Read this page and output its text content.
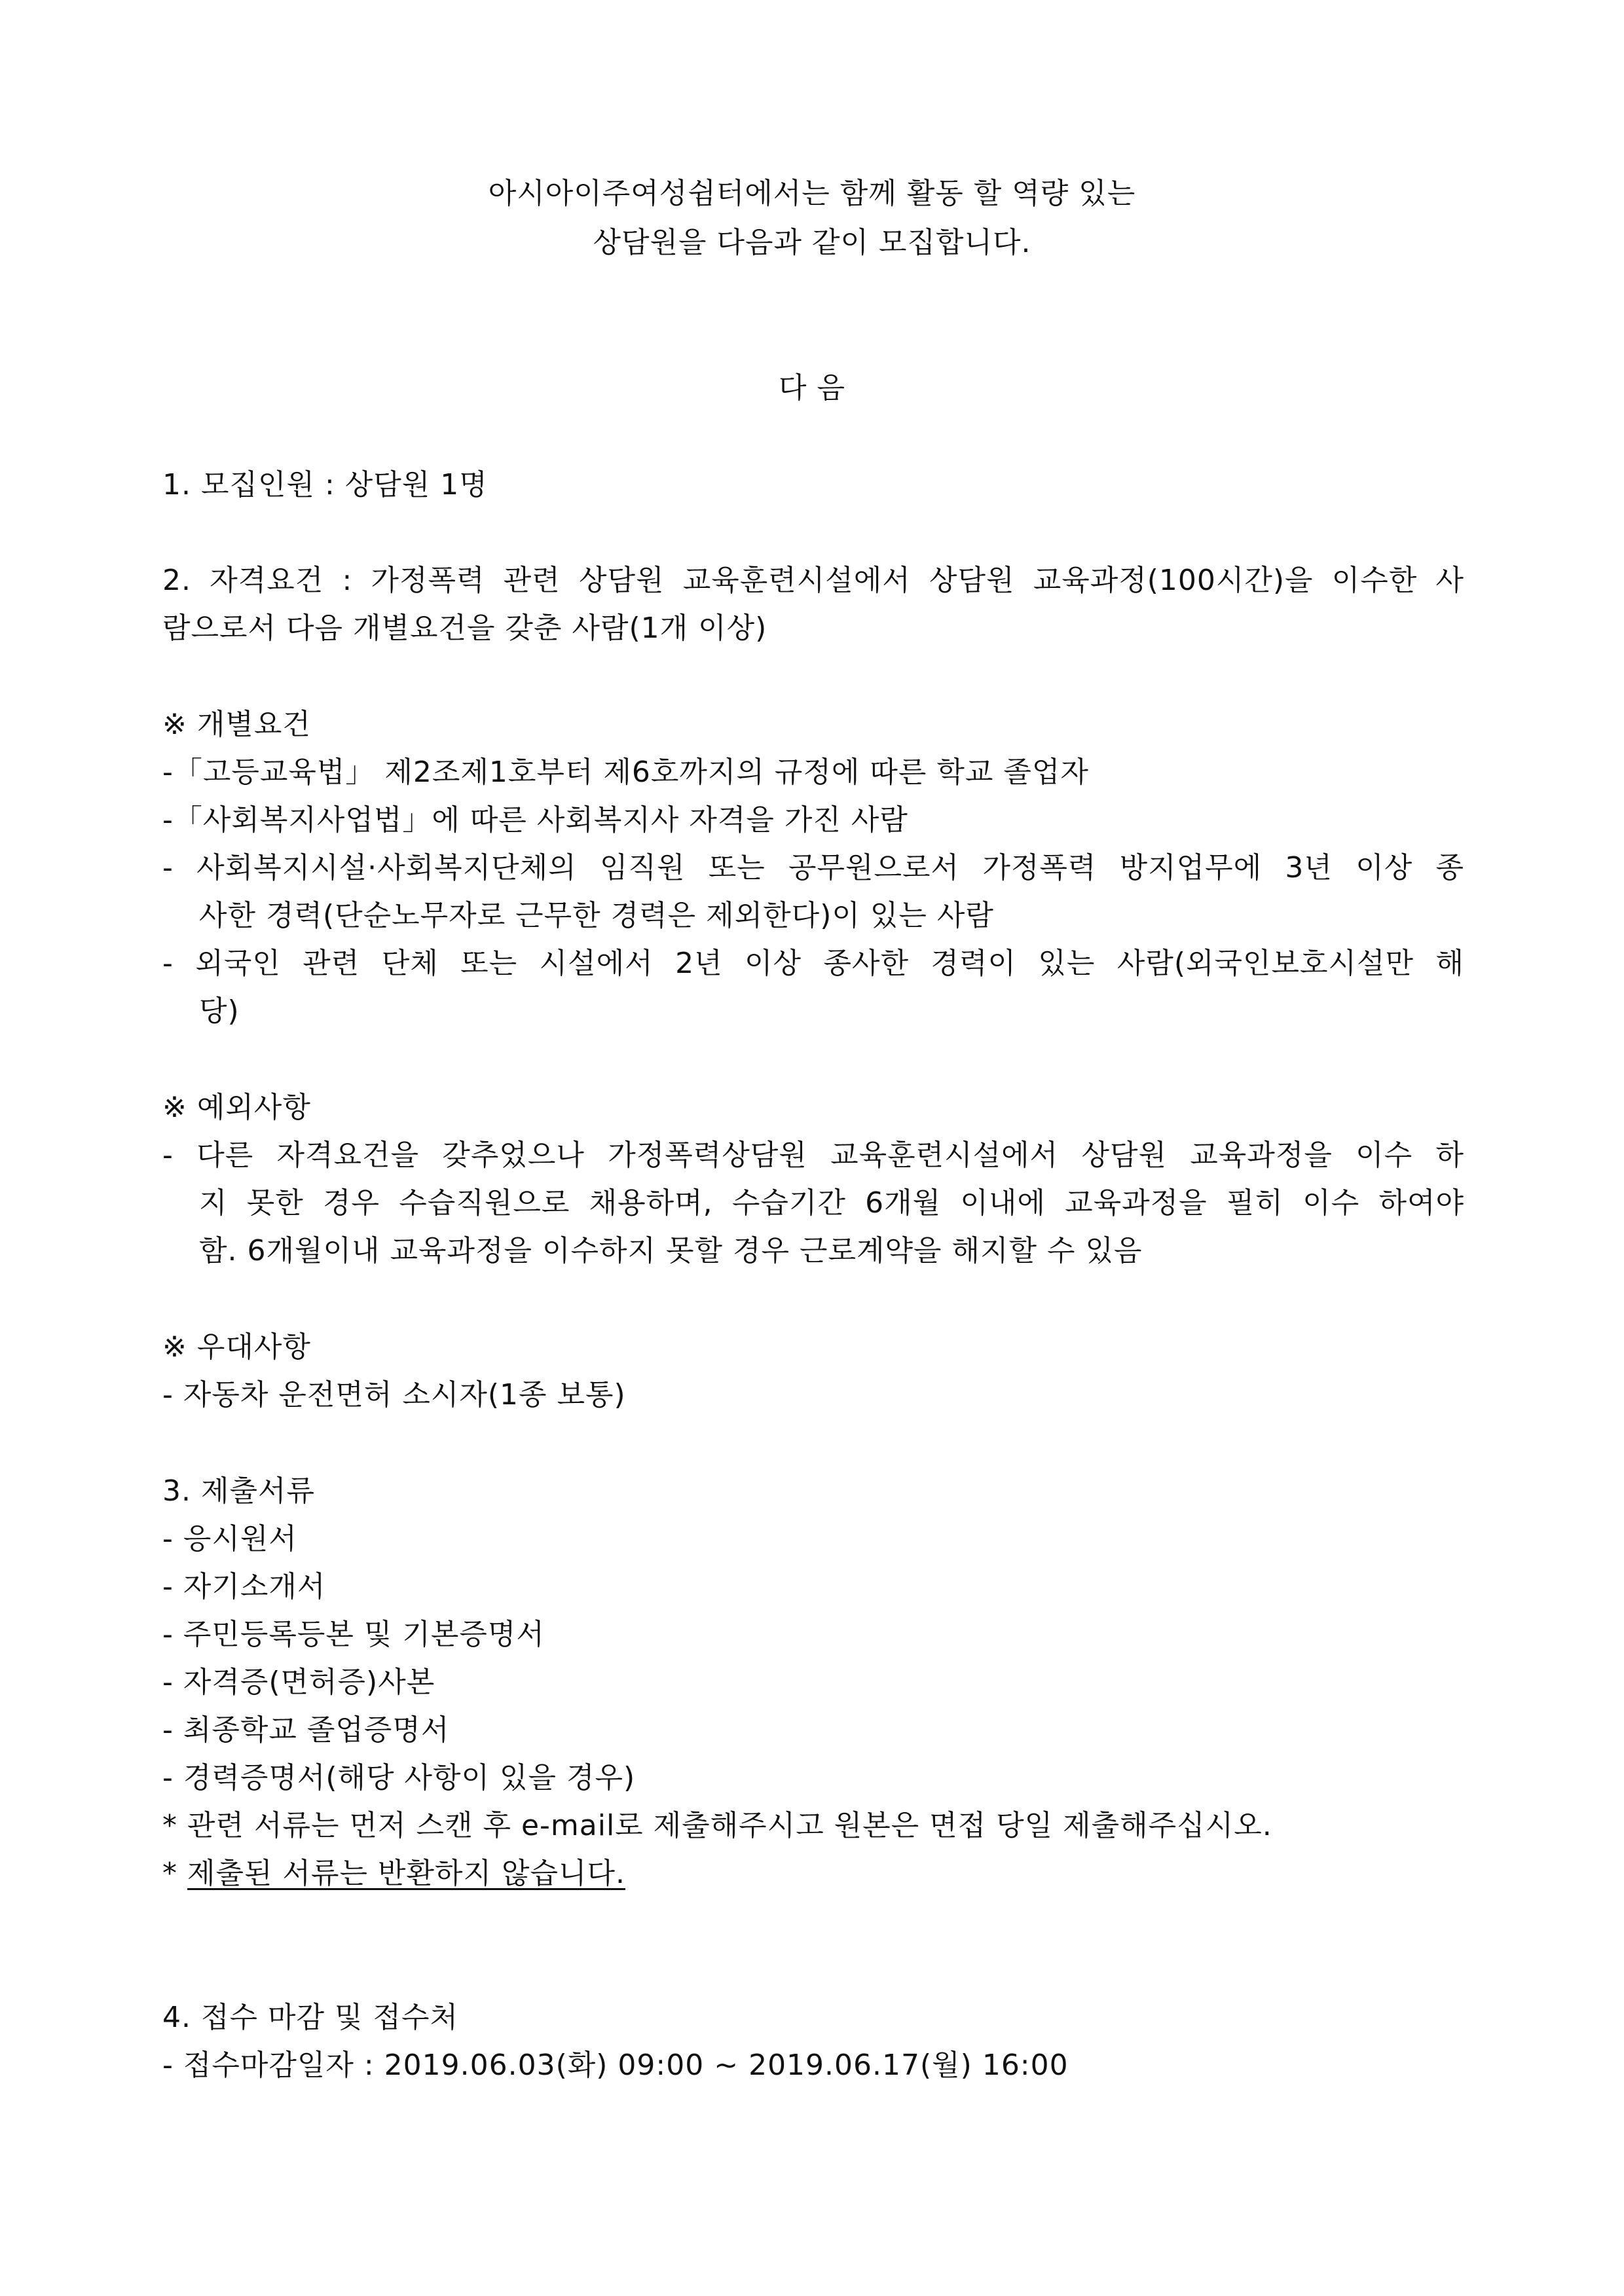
아시아이주여성쉼터에서는 함께 활동 할 역량 있는
상담원을 다음과 같이 모집합니다.
다 음
1. 모집인원 : 상담원 1명
2. 자격요건 : 가정폭력 관련 상담원 교육훈련시설에서 상담원 교육과정(100시간)을 이수한 사
람으로서 다음 개별요건을 갖춘 사람(1개 이상)
※ 개별요건
-「고등교육법」 제2조제1호부터 제6호까지의 규정에 따른 학교 졸업자
-「사회복지사업법」에 따른 사회복지사 자격을 가진 사람
- 사회복지시설·사회복지단체의 임직원 또는 공무원으로서 가정폭력 방지업무에 3년 이상 종
사한 경력(단순노무자로 근무한 경력은 제외한다)이 있는 사람
- 외국인 관련 단체 또는 시설에서 2년 이상 종사한 경력이 있는 사람(외국인보호시설만 해
당)
※ 예외사항
- 다른 자격요건을 갖추었으나 가정폭력상담원 교육훈련시설에서 상담원 교육과정을 이수 하
지 못한 경우 수습직원으로 채용하며, 수습기간 6개월 이내에 교육과정을 필히 이수 하여야
함. 6개월이내 교육과정을 이수하지 못할 경우 근로계약을 해지할 수 있음
※ 우대사항
- 자동차 운전면허 소시자(1종 보통)
3. 제출서류
- 응시원서
- 자기소개서
- 주민등록등본 및 기본증명서
- 자격증(면허증)사본
- 최종학교 졸업증명서
- 경력증명서(해당 사항이 있을 경우)
* 관련 서류는 먼저 스캔 후 e-mail로 제출해주시고 원본은 면접 당일 제출해주십시오.
* 제출된 서류는 반환하지 않습니다.
4. 접수 마감 및 접수처
- 접수마감일자 : 2019.06.03(화) 09:00 ~ 2019.06.17(월) 16:00
